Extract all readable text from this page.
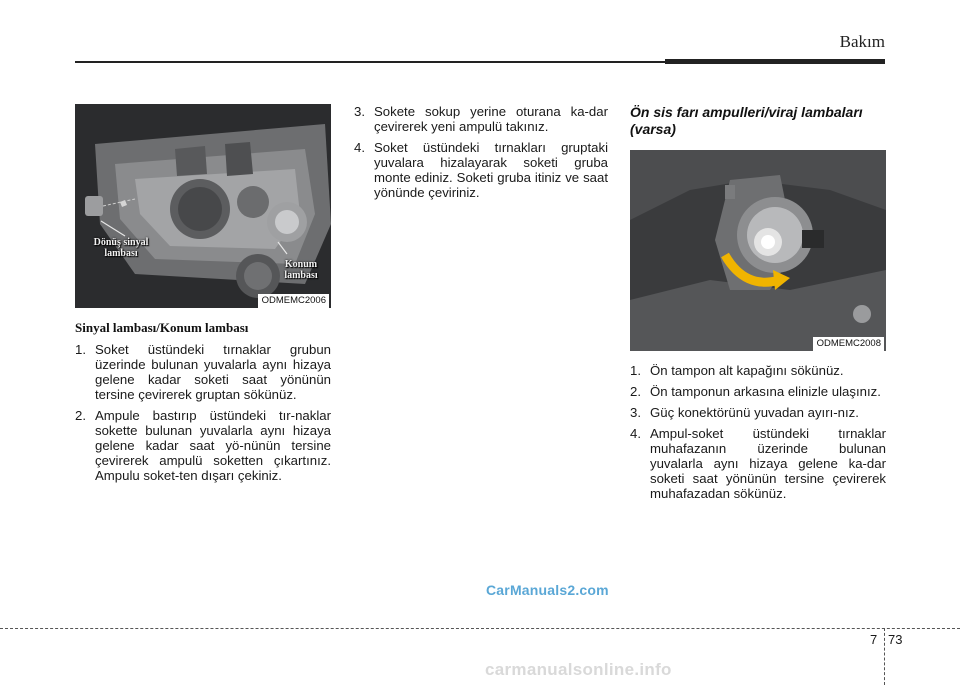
Bakım
Dönüş sinyal lambası
Konum lambası
ODMEMC2006
Sinyal lambası/Konum lambası
1. Soket üstündeki tırnaklar grubun üzerinde bulunan yuvalarla aynı hizaya gelene kadar soketi saat yönünün tersine çevirerek gruptan sökünüz.
2. Ampule bastırıp üstündeki tır-naklar sokette bulunan yuvalarla aynı hizaya gelene kadar saat yö-nünün tersine çevirerek ampulü soketten çıkartınız. Ampulu soket-ten dışarı çekiniz.
3. Sokete sokup yerine oturana ka-dar çevirerek yeni ampulü takınız.
4. Soket üstündeki tırnakları gruptaki yuvalara hizalayarak soketi gruba monte ediniz. Soketi gruba itiniz ve saat yönünde çeviriniz.
Ön sis farı ampulleri/viraj lambaları (varsa)
ODMEMC2008
1. Ön tampon alt kapağını sökünüz.
2. Ön tamponun arkasına elinizle ulaşınız.
3. Güç konektörünü yuvadan ayırı-nız.
4. Ampul-soket üstündeki tırnaklar muhafazanın üzerinde bulunan yuvalarla aynı hizaya gelene ka-dar soketi saat yönünün tersine çevirerek muhafazadan sökünüz.
CarManuals2.com
7 73
carmanualsonline.info
